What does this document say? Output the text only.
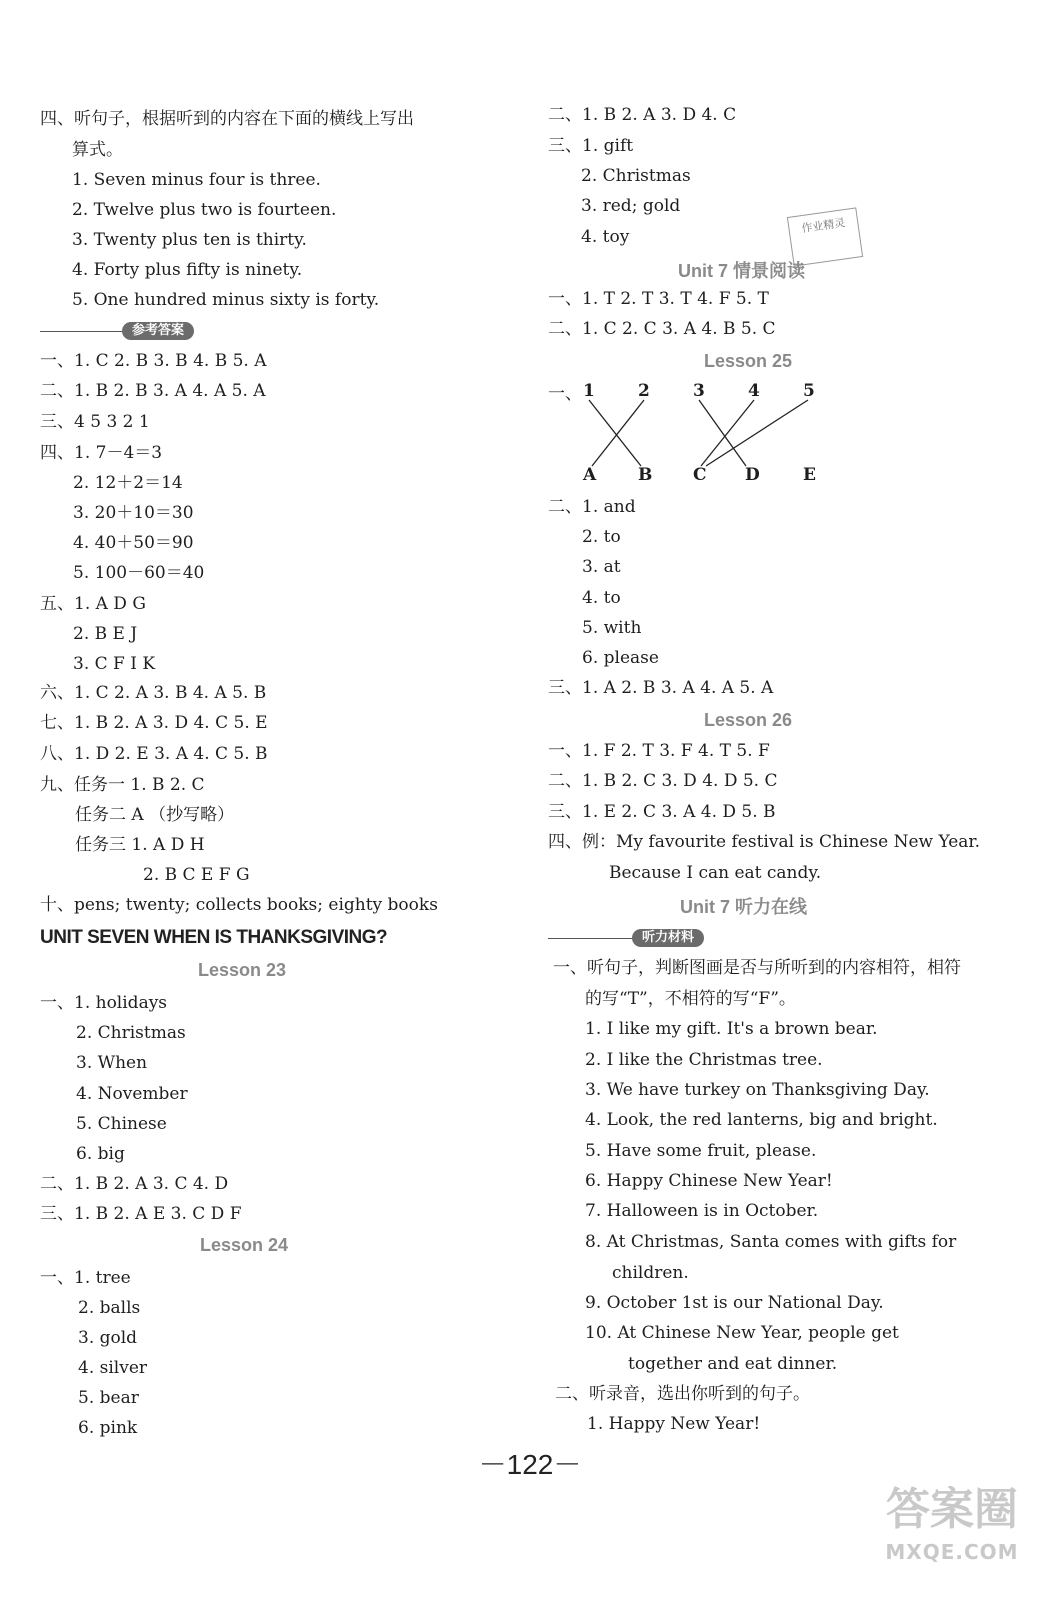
四、听句子，根据听到的内容在下面的横线上写出
算式。
1. Seven minus four is three.
2. Twelve plus two is fourteen.
3. Twenty plus ten is thirty.
4. Forty plus fifty is ninety.
5. One hundred minus sixty is forty.
参考答案
一、1. C 2. B 3. B 4. B 5. A
二、1. B 2. B 3. A 4. A 5. A
三、4 5 3 2 1
四、1. 7－4＝3
2. 12＋2＝14
3. 20＋10＝30
4. 40＋50＝90
5. 100－60＝40
五、1. A D G
2. B E J
3. C F I K
六、1. C 2. A 3. B 4. A 5. B
七、1. B 2. A 3. D 4. C 5. E
八、1. D 2. E 3. A 4. C 5. B
九、任务一 1. B 2. C
任务二 A （抄写略）
任务三 1. A D H
2. B C E F G
十、pens; twenty; collects books; eighty books
UNIT SEVEN WHEN IS THANKSGIVING?
Lesson 23
一、1. holidays
2. Christmas
3. When
4. November
5. Chinese
6. big
二、1. B 2. A 3. C 4. D
三、1. B 2. A E 3. C D F
Lesson 24
一、1. tree
2. balls
3. gold
4. silver
5. bear
6. pink
二、1. B 2. A 3. D 4. C
三、1. gift
2. Christmas
3. red; gold
4. toy
作业精灵
Unit 7 情景阅读
一、1. T 2. T 3. T 4. F 5. T
二、1. C 2. C 3. A 4. B 5. C
Lesson 25
一、 1	2	3	4	5
A B C D	E
二、1. and
2. to
3. at
4. to
5. with
6. please
三、1. A 2. B 3. A 4. A 5. A
Lesson 26
一、1. F 2. T 3. F 4. T 5. F
二、1. B 2. C 3. D 4. D 5. C
三、1. E 2. C 3. A 4. D 5. B
四、例：My favourite festival is Chinese New Year.
Because I can eat candy.
Unit 7 听力在线
听力材料
一、听句子，判断图画是否与所听到的内容相符，相符
的写“T”，不相符的写“F”。
1. I like my gift. It's a brown bear.
2. I like the Christmas tree.
3. We have turkey on Thanksgiving Day.
4. Look, the red lanterns, big and bright.
5. Have some fruit, please.
6. Happy Chinese New Year!
7. Halloween is in October.
8. At Christmas, Santa comes with gifts for
children.
9. October 1st is our National Day.
10. At Chinese New Year, people get
together and eat dinner.
二、听录音，选出你听到的句子。
1. Happy New Year!
－122－
答案圈
MXQE.COM
